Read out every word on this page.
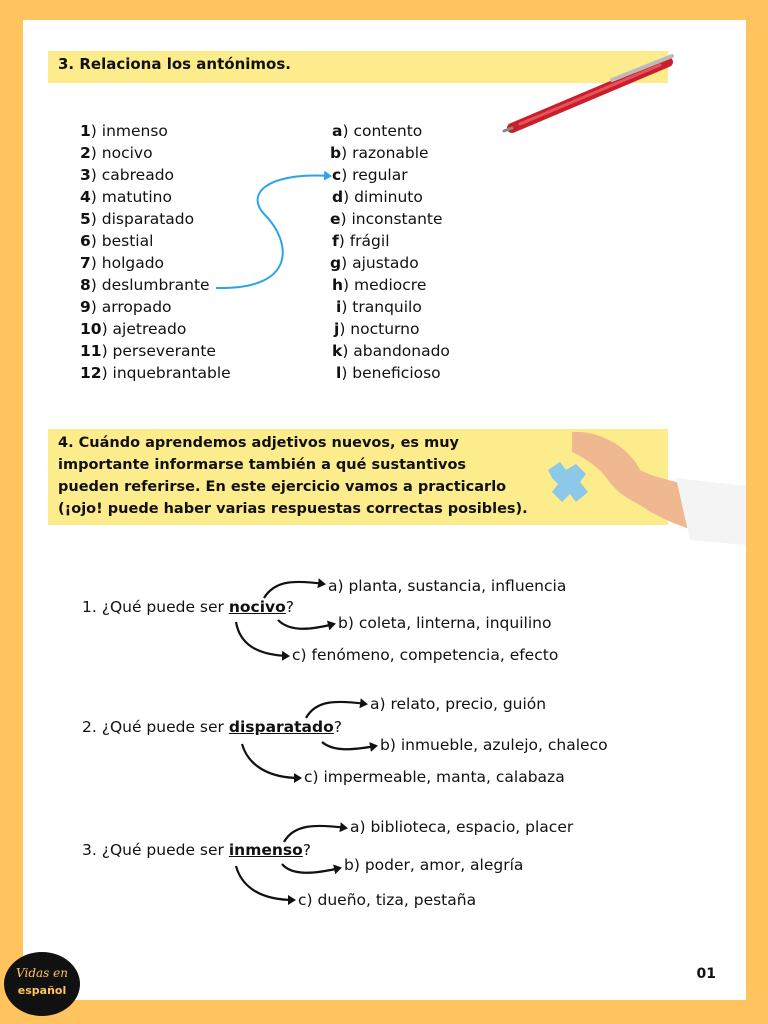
3. Relaciona los antónimos.
1) inmenso
2) nocivo
3) cabreado
4) matutino
5) disparatado
6) bestial
7) holgado
8) deslumbrante
9) arropado
10) ajetreado
11) perseverante
12) inquebrantable
a) contento
b) razonable
c) regular
d) diminuto
e) inconstante
f) frágil
g) ajustado
h) mediocre
i) tranquilo
j) nocturno
k) abandonado
l) beneficioso
4. Cuándo aprendemos adjetivos nuevos, es muy
importante informarse también a qué sustantivos
pueden referirse. En este ejercicio vamos a practicarlo
(¡ojo! puede haber varias respuestas correctas posibles).
1. ¿Qué puede ser nocivo?
a) planta, sustancia, influencia
b) coleta, linterna, inquilino
c) fenómeno, competencia, efecto
2. ¿Qué puede ser disparatado?
a) relato, precio, guión
b) inmueble, azulejo, chaleco
c) impermeable, manta, calabaza
3. ¿Qué puede ser inmenso?
a) biblioteca, espacio, placer
b) poder, amor, alegría
c) dueño, tiza, pestaña
01
Vidas en
español
